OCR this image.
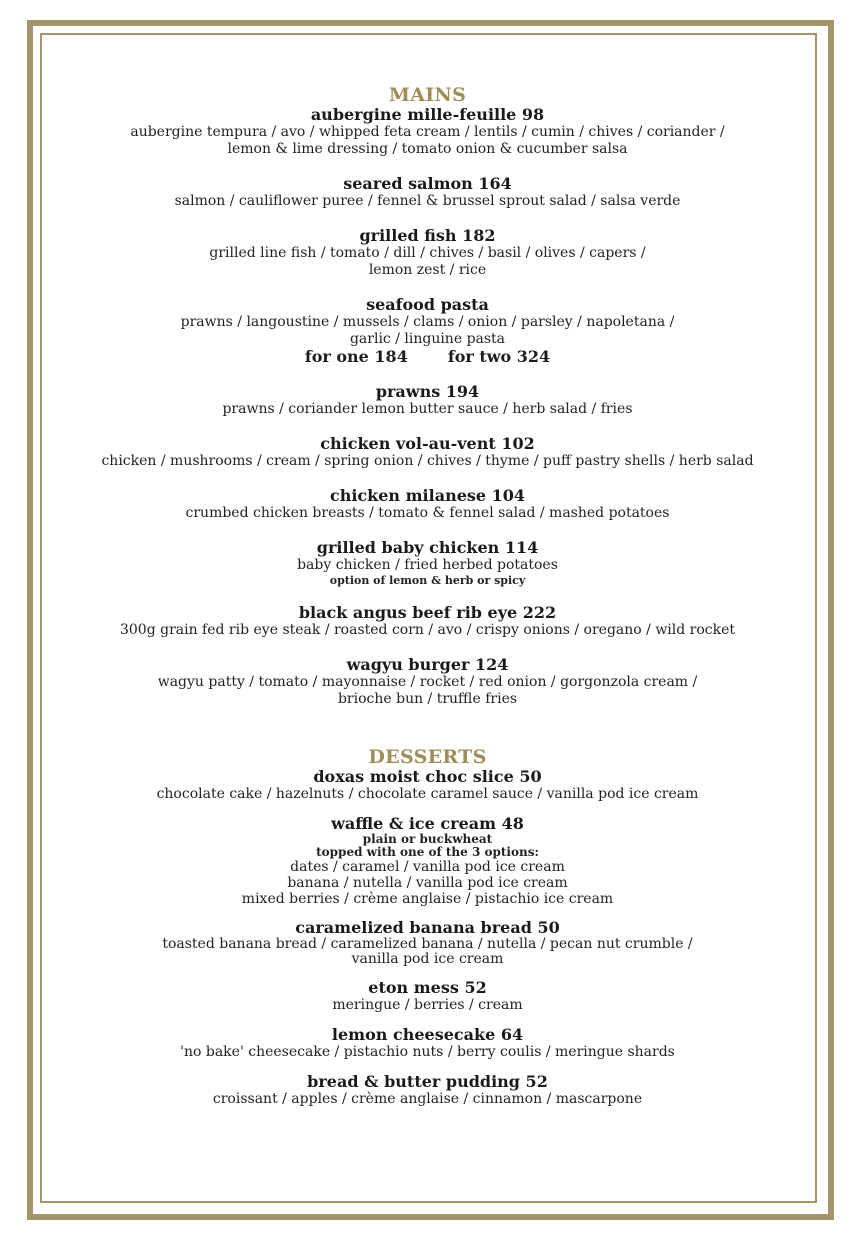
MAINS

aubergine mille-feuille 98

aubergine tempura / avo / whipped feta cream / lentils / cumin / chives / coriander /

lemon & lime dressing / tomato onion & cucumber salsa

seared salmon 164

salmon / cauliflower puree / fennel & brussel sprout salad / salsa verde

grilled fish 182

grilled line fish / tomato / dill / chives / basil / olives / capers /

lemon zest / rice

seafood pasta

prawns / langoustine / mussels / clams / onion / parsley / napoletana /

garlic / linguine pasta

for one 184	for two 324

prawns 194

prawns / coriander lemon butter sauce / herb salad / fries

chicken vol-au-vent 102

chicken / mushrooms / cream / spring onion / chives / thyme / puff pastry shells / herb salad

chicken milanese 104

crumbed chicken breasts / tomato & fennel salad / mashed potatoes

grilled baby chicken 114

baby chicken / fried herbed potatoes

option of lemon & herb or spicy

black angus beef rib eye 222

300g grain fed rib eye steak / roasted corn / avo / crispy onions / oregano / wild rocket

wagyu burger 124

wagyu patty / tomato / mayonnaise / rocket / red onion / gorgonzola cream /

brioche bun / truffle fries

DESSERTS

doxas moist choc slice 50

chocolate cake / hazelnuts / chocolate caramel sauce / vanilla pod ice cream

waffle & ice cream 48

plain or buckwheat

topped with one of the 3 options:

dates / caramel / vanilla pod ice cream

banana / nutella / vanilla pod ice cream

mixed berries / crème anglaise / pistachio ice cream

caramelized banana bread 50

toasted banana bread / caramelized banana / nutella / pecan nut crumble /

vanilla pod ice cream

eton mess 52

meringue / berries / cream

lemon cheesecake 64

'no bake' cheesecake / pistachio nuts / berry coulis / meringue shards

bread & butter pudding 52

croissant / apples / crème anglaise / cinnamon / mascarpone
